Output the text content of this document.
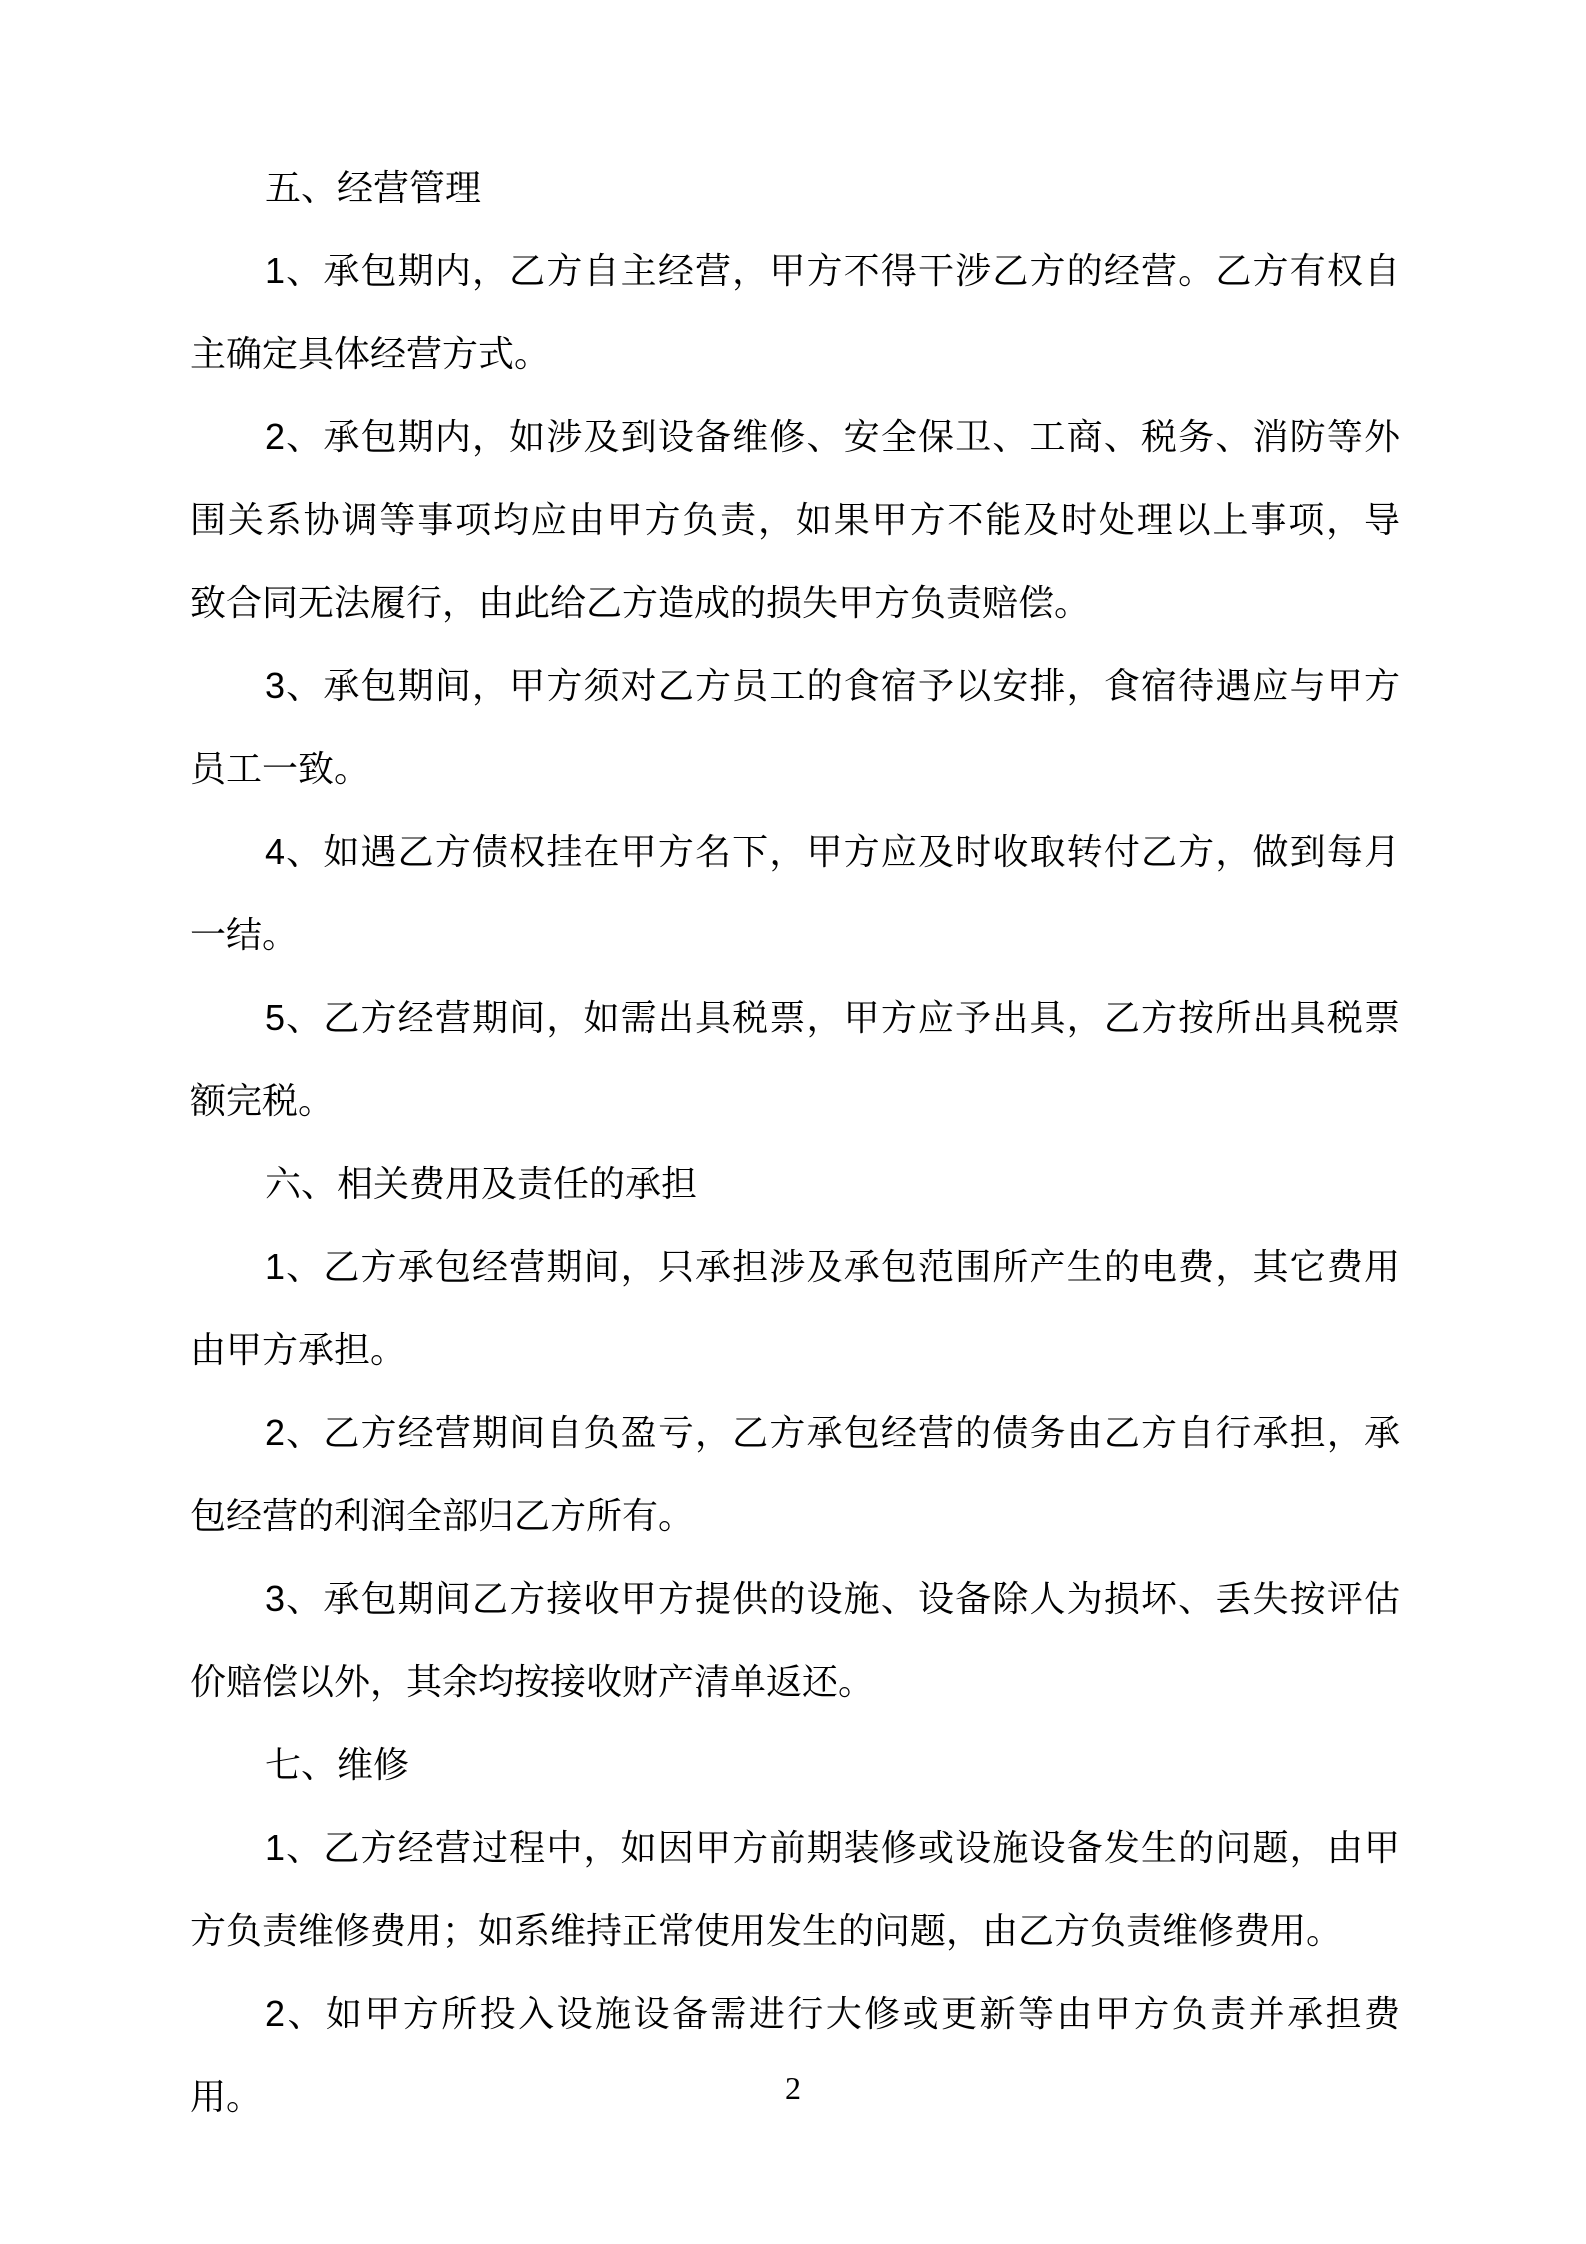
五、经营管理
1、承包期内，乙方自主经营，甲方不得干涉乙方的经营。乙方有权自
主确定具体经营方式。
2、承包期内，如涉及到设备维修、安全保卫、工商、税务、消防等外
围关系协调等事项均应由甲方负责，如果甲方不能及时处理以上事项，导
致合同无法履行，由此给乙方造成的损失甲方负责赔偿。
3、承包期间，甲方须对乙方员工的食宿予以安排，食宿待遇应与甲方
员工一致。
4、如遇乙方债权挂在甲方名下，甲方应及时收取转付乙方，做到每月
一结。
5、乙方经营期间，如需出具税票，甲方应予出具，乙方按所出具税票
额完税。
六、相关费用及责任的承担
1、乙方承包经营期间，只承担涉及承包范围所产生的电费，其它费用
由甲方承担。
2、乙方经营期间自负盈亏，乙方承包经营的债务由乙方自行承担，承
包经营的利润全部归乙方所有。
3、承包期间乙方接收甲方提供的设施、设备除人为损坏、丢失按评估
价赔偿以外，其余均按接收财产清单返还。
七、维修
1、乙方经营过程中，如因甲方前期装修或设施设备发生的问题，由甲
方负责维修费用；如系维持正常使用发生的问题，由乙方负责维修费用。
2、如甲方所投入设施设备需进行大修或更新等由甲方负责并承担费用。	2
